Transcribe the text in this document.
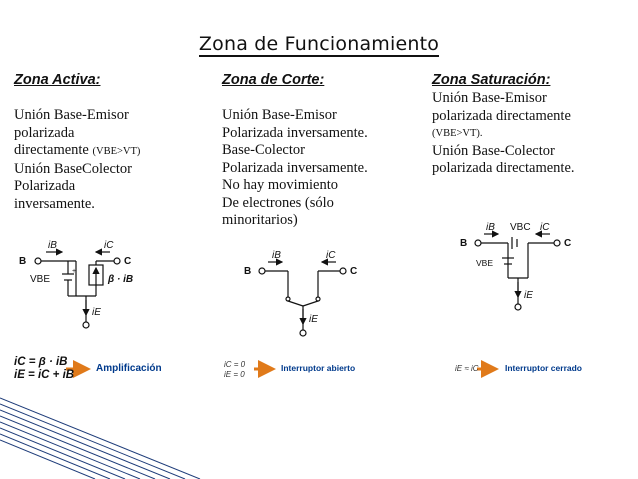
Zona de Funcionamiento
Zona Activa:
Unión Base-Emisor
polarizada
directamente (VBE>VT)
Unión BaseColector
Polarizada
inversamente.
Zona de Corte:
Unión Base-Emisor
Polarizada inversamente.
Base-Colector
Polarizada inversamente.
No hay movimiento
De electrones (sólo
minoritarios)
Zona Saturación:
Unión Base-Emisor
polarizada directamente
(VBE>VT).
Unión Base-Colector
polarizada directamente.
B	C
iB	iC
VBE	β · iB
iE
+	B	C
iB	iC
iE
B	C
iB	iC
VBC
VBE
iE
iC = β · iB
iE = iC + iB
Amplificación	iC = 0
iE = 0
Interruptor abierto	iE ≈ iC	Interruptor cerrado
